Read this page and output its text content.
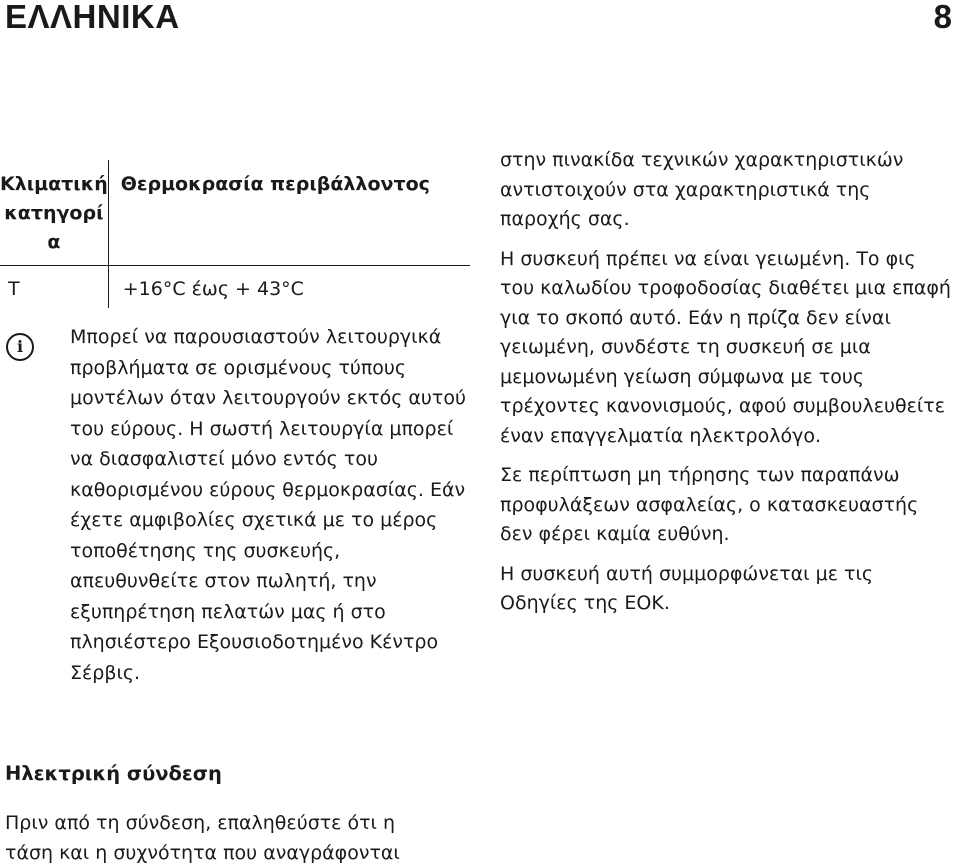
ΕΛΛΗΝΙΚΑ	8
Κλιματική κατηγορί α	Θερμοκρασία περιβάλλοντος
T	+16°C έως + 43°C
i	Μπορεί να παρουσιαστούν λειτουργικά προβλήματα σε ορισμένους τύπους μοντέλων όταν λειτουργούν εκτός αυτού του εύρους. Η σωστή λειτουργία μπορεί να διασφαλιστεί μόνο εντός του καθορισμένου εύρους θερμοκρασίας. Εάν έχετε αμφιβολίες σχετικά με το μέρος τοποθέτησης της συσκευής, απευθυνθείτε στον πωλητή, την εξυπηρέτηση πελατών μας ή στο πλησιέστερο Εξουσιοδοτημένο Κέντρο Σέρβις.

Ηλεκτρική σύνδεση

Πριν από τη σύνδεση, επαληθεύστε ότι η τάση και η συχνότητα που αναγράφονται

στην πινακίδα τεχνικών χαρακτηριστικών αντιστοιχούν στα χαρακτηριστικά της παροχής σας.

Η συσκευή πρέπει να είναι γειωμένη. Το φις του καλωδίου τροφοδοσίας διαθέτει μια επαφή για το σκοπό αυτό. Εάν η πρίζα δεν είναι γειωμένη, συνδέστε τη συσκευή σε μια μεμονωμένη γείωση σύμφωνα με τους τρέχοντες κανονισμούς, αφού συμβουλευθείτε έναν επαγγελματία ηλεκτρολόγο.

Σε περίπτωση μη τήρησης των παραπάνω προφυλάξεων ασφαλείας, ο κατασκευαστής δεν φέρει καμία ευθύνη.

Η συσκευή αυτή συμμορφώνεται με τις Οδηγίες της ΕΟΚ.
